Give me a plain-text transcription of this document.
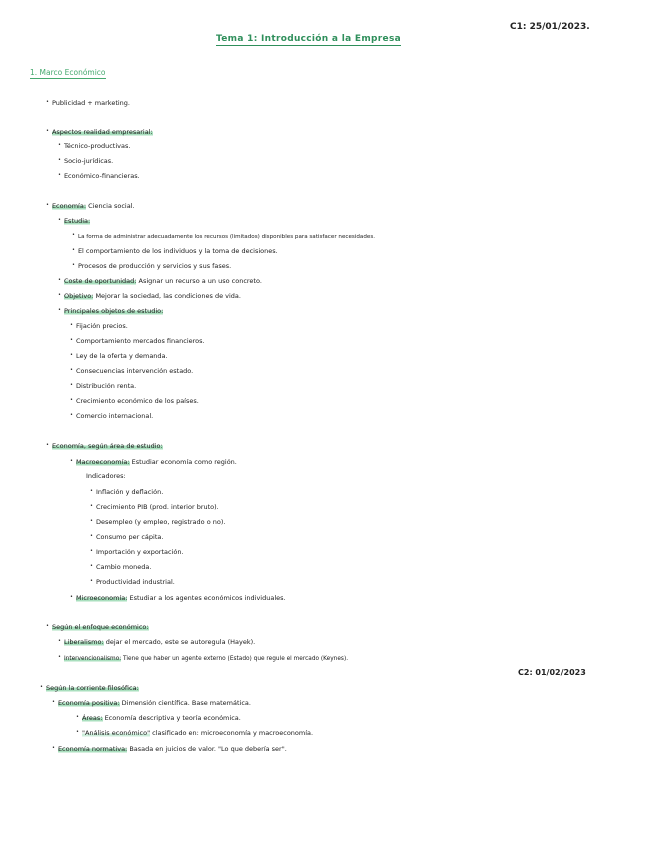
C1: 25/01/2023.
Tema 1: Introducción a la Empresa
1. Marco Económico
• Publicidad + marketing.
• Aspectos realidad empresarial:
• Técnico-productivas.
• Socio-jurídicas.
• Económico-financieras.
• Economía: Ciencia social.
• Estudia:
• La forma de administrar adecuadamente los recursos (limitados) disponibles para satisfacer necesidades.
• El comportamiento de los individuos y la toma de decisiones.
• Procesos de producción y servicios y sus fases.
• Coste de oportunidad: Asignar un recurso a un uso concreto.
• Objetivo: Mejorar la sociedad, las condiciones de vida.
• Principales objetos de estudio:
• Fijación precios.
• Comportamiento mercados financieros.
• Ley de la oferta y demanda.
• Consecuencias intervención estado.
• Distribución renta.
• Crecimiento económico de los países.
• Comercio internacional.
• Economía, según área de estudio:
• Macroeconomía: Estudiar economía como región.
Indicadores:
• Inflación y deflación.
• Crecimiento PIB (prod. interior bruto).
• Desempleo (y empleo, registrado o no).
• Consumo per cápita.
• Importación y exportación.
• Cambio moneda.
• Productividad industrial.
• Microeconomía: Estudiar a los agentes económicos individuales.
• Según el enfoque económico:
• Liberalismo: dejar el mercado, este se autoregula (Hayek).
• Intervencionalismo: Tiene que haber un agente externo (Estado) que regule el mercado (Keynes).
C2: 01/02/2023
• Según la corriente filosófica:
• Economía positiva: Dimensión científica. Base matemática.
• Áreas: Economía descriptiva y teoría económica.
• "Análisis económico" clasificado en: microeconomía y macroeconomía.
• Economía normativa: Basada en juicios de valor. "Lo que debería ser".
